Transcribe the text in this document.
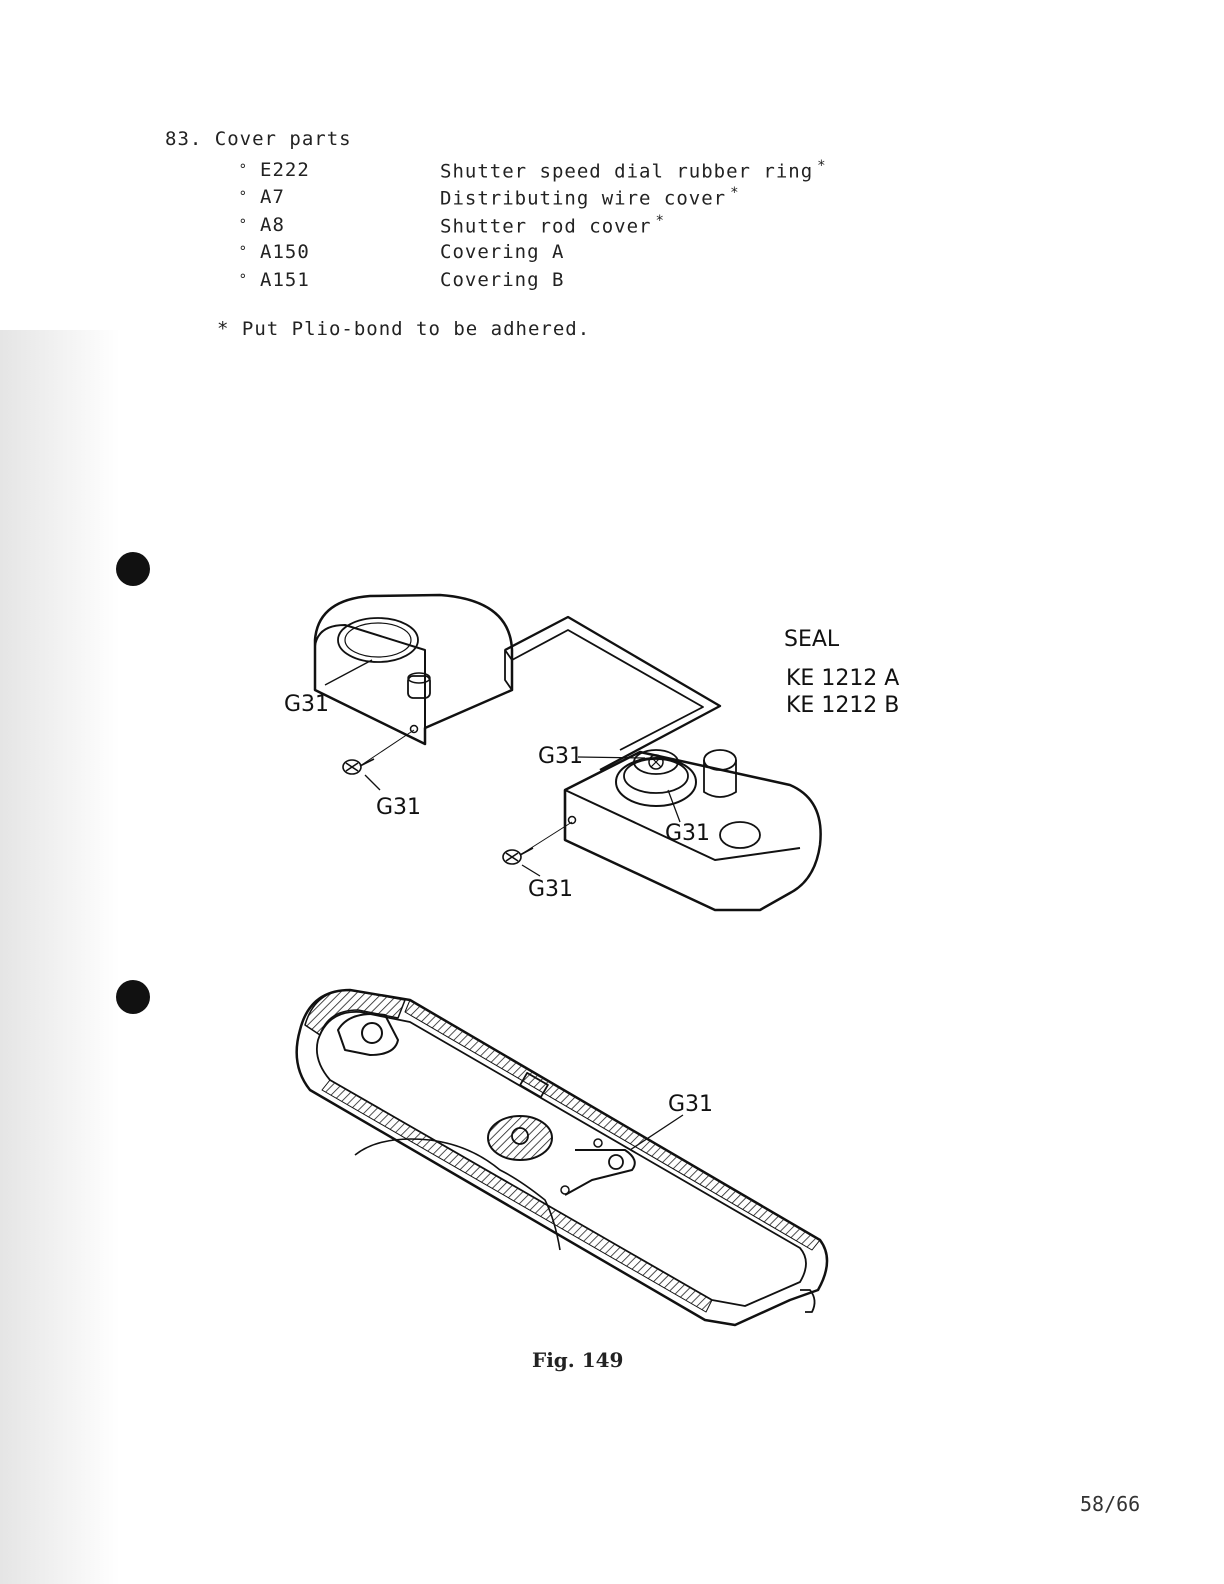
83. Cover parts
° E222	Shutter speed dial rubber ring *
° A7	Distributing wire cover *
° A8	Shutter rod cover *
° A150	Covering A
° A151	Covering B
* Put Plio-bond to be adhered.
SEAL
KE 1212 A
KE 1212 B
G31
G31
G31
G31
G31
G31
Fig. 149
58/66
